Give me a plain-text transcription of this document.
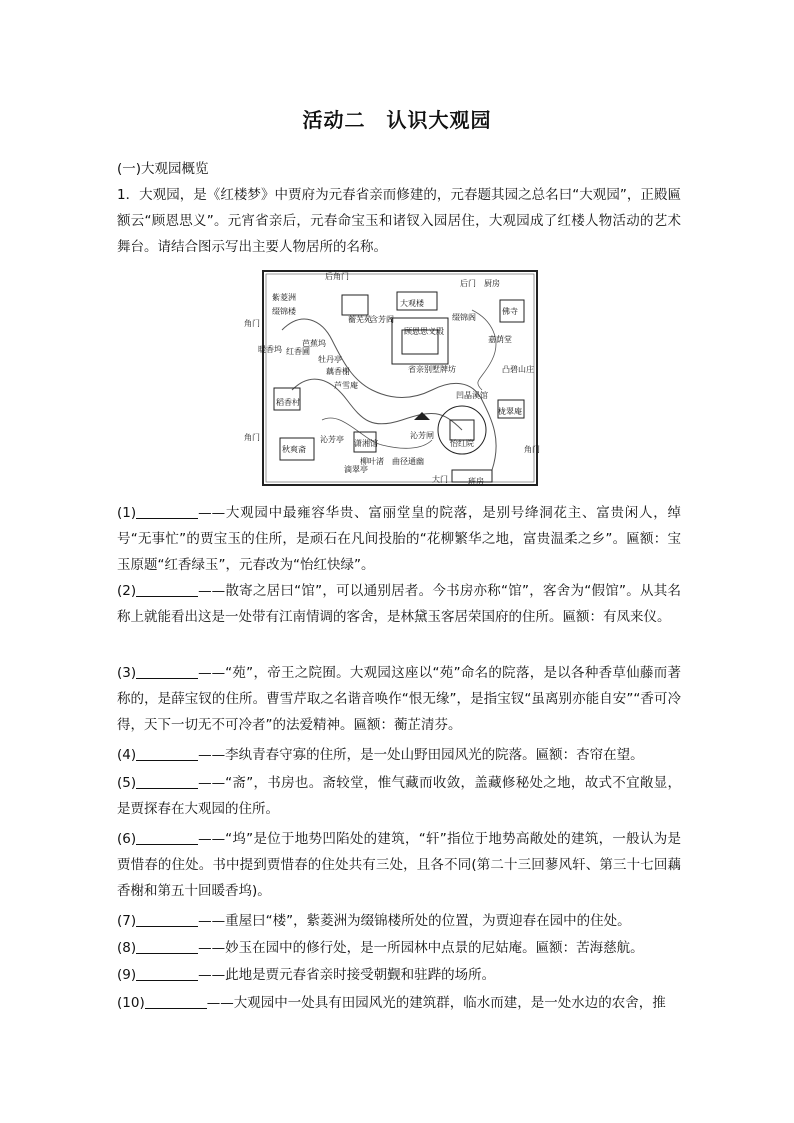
活动二　认识大观园
(一)大观园概览
1．大观园，是《红楼梦》中贾府为元春省亲而修建的，元春题其园之总名曰“大观园”，正殿匾额云“顾恩思义”。元宵省亲后，元春命宝玉和诸钗入园居住，大观园成了红楼人物活动的艺术舞台。请结合图示写出主要人物居所的名称。
后角门
紫菱洲
缀锦楼
角门
红香圃
芭蕉坞
暖香坞
牡丹亭
藕香榭
芦雪庵
稻香村
角门
秋爽斋
沁芳亭 潇湘馆
沁芳闸
滴翠亭
柳叶渚 曲径通幽
蘅芜苑
含芳阁
大观楼
顾恩思义殿
缀锦阁
省亲别墅牌坊
后门 厨房
佛寺
嘉荫堂
凸碧山庄
凹晶溪馆
栊翠庵
怡红院
角门
大门	班房
(1)	——大观园中最雍容华贵、富丽堂皇的院落，是别号绛洞花主、富贵闲人，绰号“无事忙”的贾宝玉的住所，是顽石在凡间投胎的“花柳繁华之地，富贵温柔之乡”。匾额：宝玉原题“红香绿玉”，元春改为“怡红快绿”。
(2)	——散寄之居曰“馆”，可以通别居者。今书房亦称“馆”，客舍为“假馆”。从其名称上就能看出这是一处带有江南情调的客舍，是林黛玉客居荣国府的住所。匾额：有凤来仪。
(3)	——“苑”，帝王之院囿。大观园这座以“苑”命名的院落，是以各种香草仙藤而著称的，是薛宝钗的住所。曹雪芹取之名谐音唤作“恨无缘”，是指宝钗“虽离别亦能自安”“香可冷得，天下一切无不可冷者”的法爱精神。匾额：蘅芷清芬。
(4)	——李纨青春守寡的住所，是一处山野田园风光的院落。匾额：杏帘在望。
(5)	——“斋”，书房也。斋较堂，惟气藏而收敛，盖藏修秘处之地，故式不宜敞显，是贾探春在大观园的住所。
(6)	——“坞”是位于地势凹陷处的建筑，“轩”指位于地势高敞处的建筑，一般认为是贾惜春的住处。书中提到贾惜春的住处共有三处，且各不同(第二十三回蓼风轩、第三十七回藕香榭和第五十回暖香坞)。
(7)	——重屋曰“楼”，紫菱洲为缀锦楼所处的位置，为贾迎春在园中的住处。
(8)	——妙玉在园中的修行处，是一所园林中点景的尼姑庵。匾额：苦海慈航。
(9)	——此地是贾元春省亲时接受朝觐和驻跸的场所。
(10)	——大观园中一处具有田园风光的建筑群，临水而建，是一处水边的农舍，推
